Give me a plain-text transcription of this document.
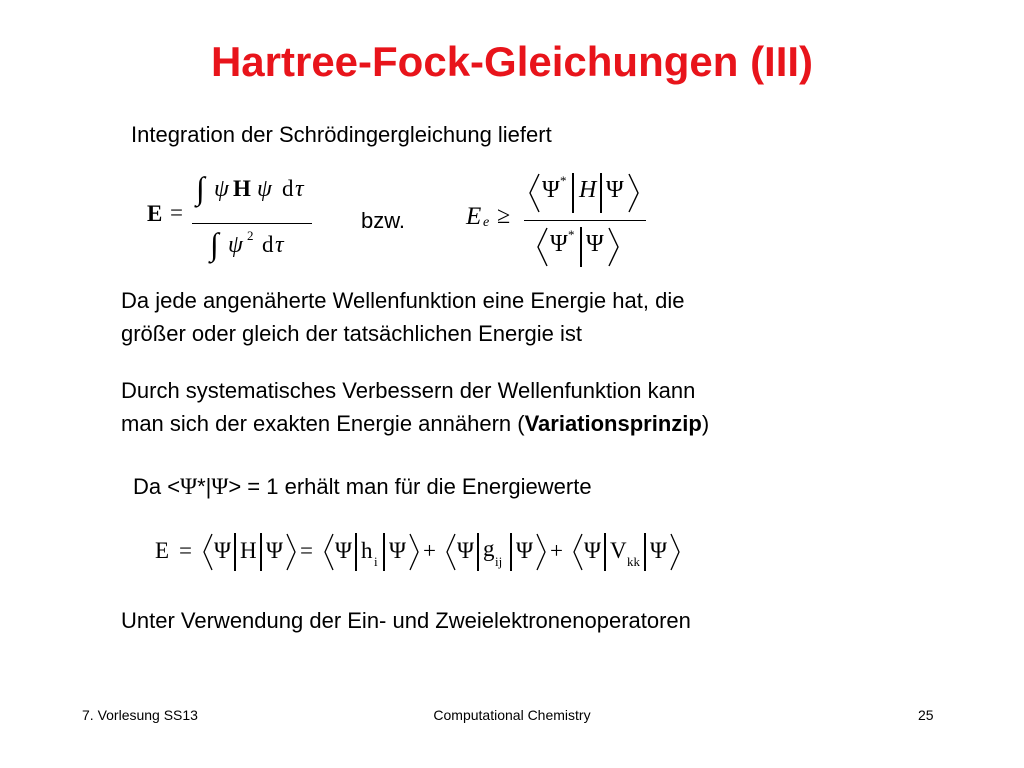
Hartree-Fock-Gleichungen (III)
Integration der Schrödingergleichung liefert
E =
∫ ψ H ψ d τ
∫ ψ 2 d τ
bzw. E e ≥
Ψ * H Ψ
Ψ * Ψ
Da jede angenäherte Wellenfunktion eine Energie hat, die
größer oder gleich der tatsächlichen Energie ist
Durch systematisches Verbessern der Wellenfunktion kann
man sich der exakten Energie annähern (Variationsprinzip)
Da <Ψ*|Ψ> = 1 erhält man für die Energiewerte
E = Ψ H Ψ = Ψ h i Ψ + Ψ g
ij Ψ + Ψ V kk Ψ
Unter Verwendung der Ein- und Zweielektronenoperatoren
7. Vorlesung SS13	Computational Chemistry	25
